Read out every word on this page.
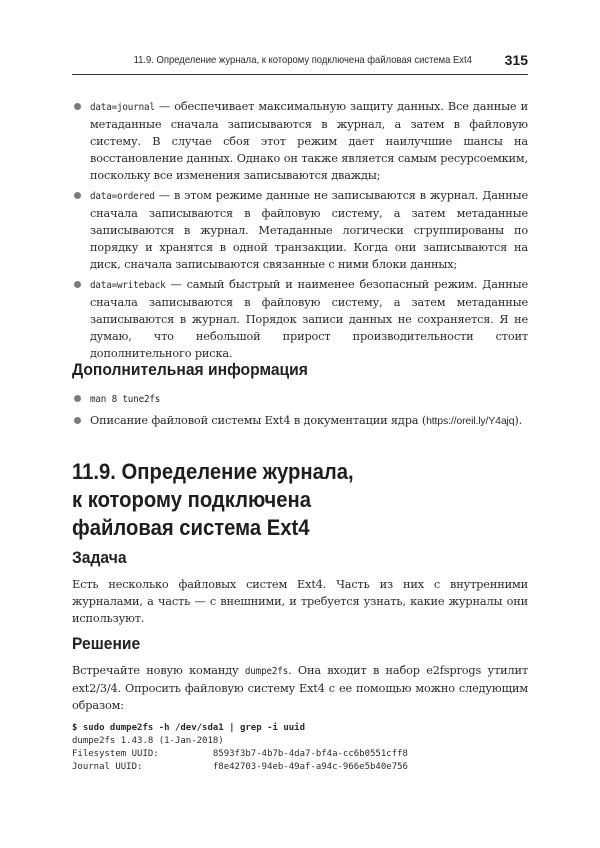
11.9. Определение журнала, к которому подключена файловая система Ext4 315
data=journal — обеспечивает максимальную защиту данных. Все данные и метаданные сначала записываются в журнал, а затем в файловую систему. В случае сбоя этот режим дает наилучшие шансы на восстановление данных. Однако он также является самым ресурсоемким, поскольку все изменения записываются дважды;
data=ordered — в этом режиме данные не записываются в журнал. Данные сначала записываются в файловую систему, а затем метаданные записываются в журнал. Метаданные логически сгруппированы по порядку и хранятся в одной транзакции. Когда они записываются на диск, сначала записываются связанные с ними блоки данных;
data=writeback — самый быстрый и наименее безопасный режим. Данные сначала записываются в файловую систему, а затем метаданные записываются в журнал. Порядок записи данных не сохраняется. Я не думаю, что небольшой прирост производительности стоит дополнительного риска.
Дополнительная информация
man 8 tune2fs
Описание файловой системы Ext4 в документации ядра (https://oreil.ly/Y4ajq).
11.9. Определение журнала,
к которому подключена
файловая система Ext4
Задача
Есть несколько файловых систем Ext4. Часть из них с внутренними журналами, а часть — с внешними, и требуется узнать, какие журналы они используют.
Решение
Встречайте новую команду dumpe2fs. Она входит в набор e2fsprogs утилит ext2/3/4. Опросить файловую систему Ext4 с ее помощью можно следующим образом:
$ sudo dumpe2fs -h /dev/sda1 | grep -i uuid
dumpe2fs 1.43.8 (1-Jan-2018)
Filesystem UUID:          8593f3b7-4b7b-4da7-bf4a-cc6b0551cff8
Journal UUID:             f8e42703-94eb-49af-a94c-966e5b40e756
